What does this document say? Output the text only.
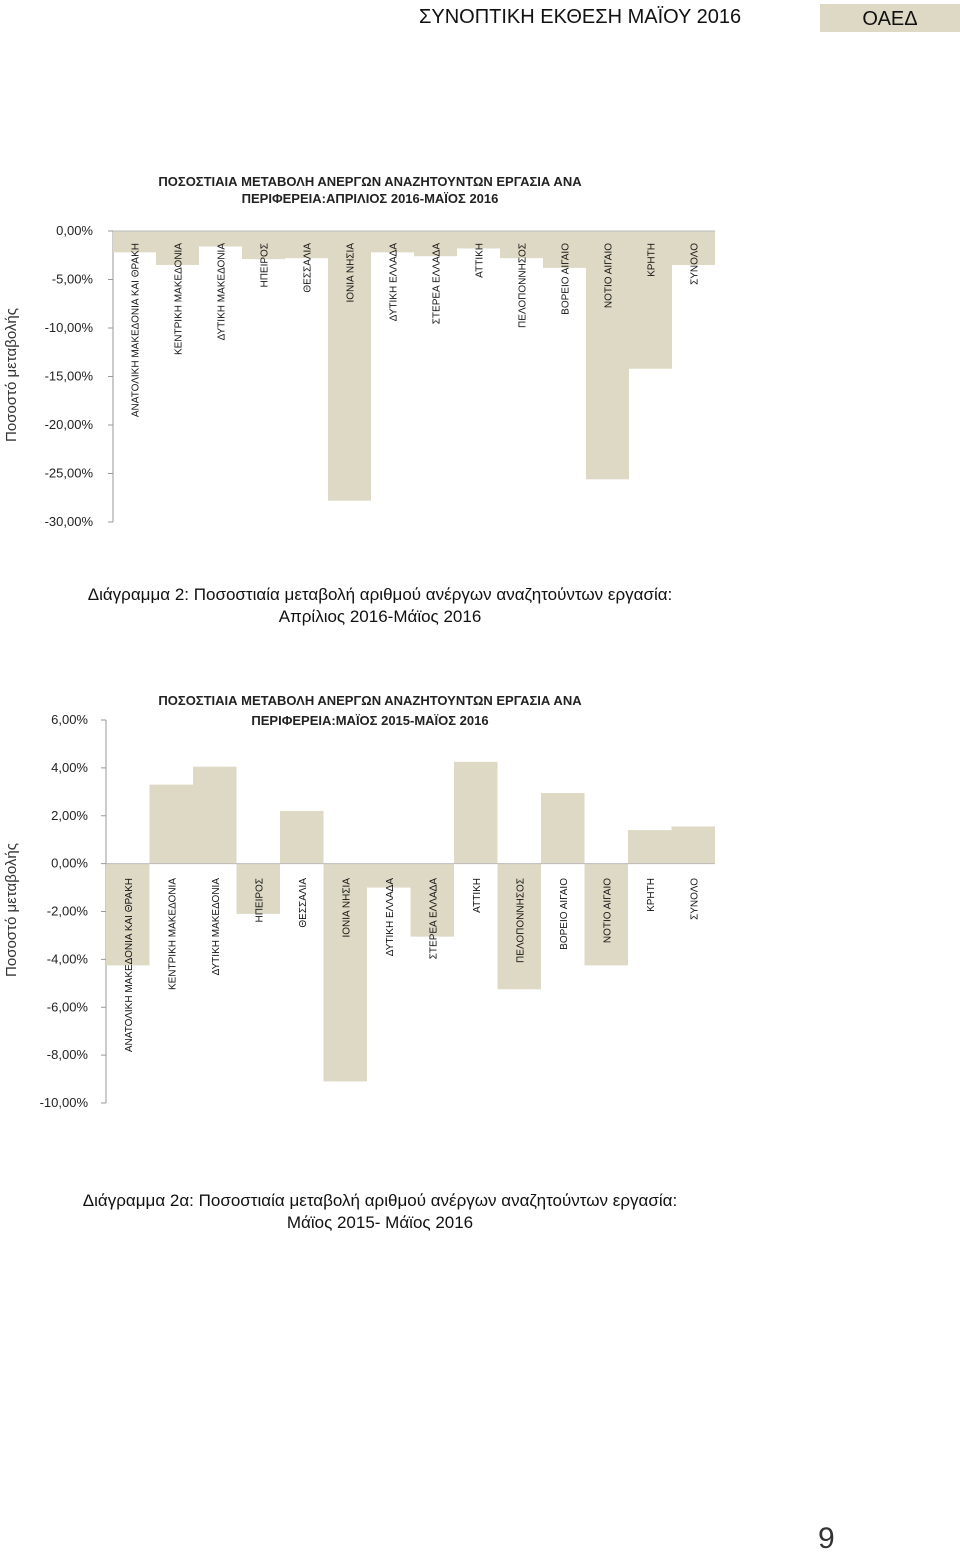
ΣΥΝΟΠΤΙΚΗ ΕΚΘΕΣΗ ΜΑΪΟΥ 2016	ΟΑΕΔ
ΠΟΣΟΣΤΙΑΙΑ ΜΕΤΑΒΟΛΗ ΑΝΕΡΓΩΝ ΑΝΑΖΗΤΟΥΝΤΩΝ ΕΡΓΑΣΙΑ ΑΝΑ
ΠΕΡΙΦΕΡΕΙΑ:ΑΠΡΙΛΙΟΣ 2016-ΜΑΪΟΣ 2016
0,00%
-5,00%
-10,00%
-15,00%
-20,00%
-25,00%
-30,00%
Ποσοστό μεταβολής	ΑΝΑΤΟΛΙΚΗ ΜΑΚΕΔΟΝΙΑ ΚΑΙ ΘΡΑΚΗ	ΚΕΝΤΡΙΚΗ ΜΑΚΕΔΟΝΙΑ	ΔΥΤΙΚΗ ΜΑΚΕΔΟΝΙΑ	ΗΠΕΙΡΟΣ	ΘΕΣΣΑΛΙΑ	ΙΟΝΙΑ ΝΗΣΙΑ	ΔΥΤΙΚΗ ΕΛΛΑΔΑ	ΣΤΕΡΕΑ ΕΛΛΑΔΑ	ΑΤΤΙΚΗ	ΠΕΛΟΠΟΝΝΗΣΟΣ	ΒΟΡΕΙΟ ΑΙΓΑΙΟ	ΝΟΤΙΟ ΑΙΓΑΙΟ	ΚΡΗΤΗ	ΣΥΝΟΛΟ
Διάγραμμα 2: Ποσοστιαία μεταβολή αριθμού ανέργων αναζητούντων εργασία:
Απρίλιος 2016-Μάϊος 2016
ΠΟΣΟΣΤΙΑΙΑ ΜΕΤΑΒΟΛΗ ΑΝΕΡΓΩΝ ΑΝΑΖΗΤΟΥΝΤΩΝ ΕΡΓΑΣΙΑ ΑΝΑ
ΠΕΡΙΦΕΡΕΙΑ:ΜΑΪΟΣ 2015-ΜΑΪΟΣ 2016
6,00%
4,00%
2,00%
0,00%
-2,00%
-4,00%
-6,00%
-8,00%
-10,00%
Ποσοστό μεταβολής	ΑΝΑΤΟΛΙΚΗ ΜΑΚΕΔΟΝΙΑ ΚΑΙ ΘΡΑΚΗ	ΚΕΝΤΡΙΚΗ ΜΑΚΕΔΟΝΙΑ	ΔΥΤΙΚΗ ΜΑΚΕΔΟΝΙΑ	ΗΠΕΙΡΟΣ	ΘΕΣΣΑΛΙΑ	ΙΟΝΙΑ ΝΗΣΙΑ	ΔΥΤΙΚΗ ΕΛΛΑΔΑ	ΣΤΕΡΕΑ ΕΛΛΑΔΑ	ΑΤΤΙΚΗ	ΠΕΛΟΠΟΝΝΗΣΟΣ	ΒΟΡΕΙΟ ΑΙΓΑΙΟ	ΝΟΤΙΟ ΑΙΓΑΙΟ	ΚΡΗΤΗ	ΣΥΝΟΛΟ
Διάγραμμα 2α: Ποσοστιαία μεταβολή αριθμού ανέργων αναζητούντων εργασία:
Μάϊος 2015- Μάϊος 2016
9
